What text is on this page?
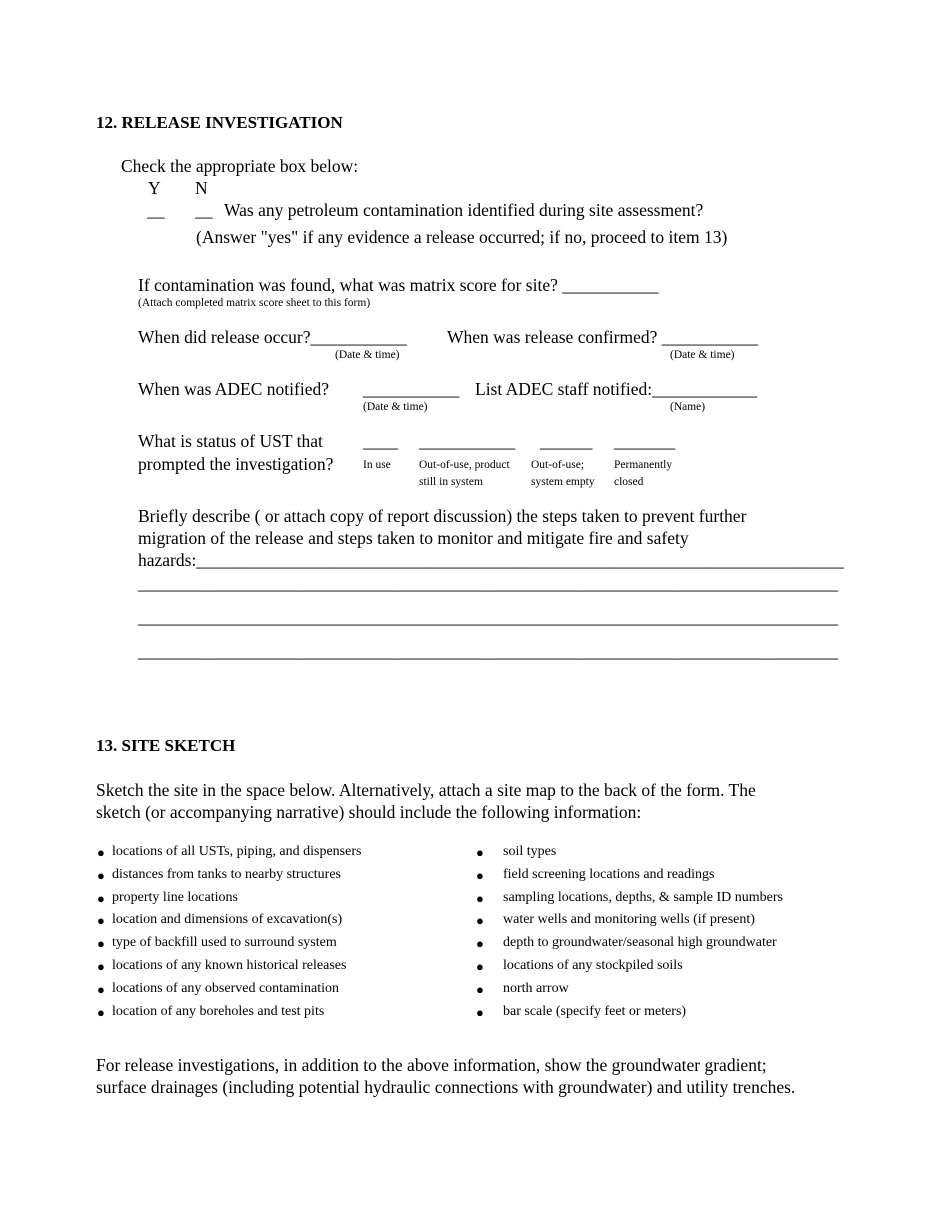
12. RELEASE INVESTIGATION
Check the appropriate box below:
Y N
__ __ Was any petroleum contamination identified during site assessment?
(Answer "yes" if any evidence a release occurred; if no, proceed to item 13)
If contamination was found, what was matrix score for site? ___________
(Attach completed matrix score sheet to this form)
When did release occur?___________
(Date & time)
When was release confirmed? ___________
(Date & time)
When was ADEC notified? ___________
(Date & time)
List ADEC staff notified:____________
(Name)
What is status of UST that
prompted the investigation?
____
In use
___________
Out-of-use, product
still in system
______
Out-of-use;
system empty
_______
Permanently
closed
Briefly describe ( or attach copy of report discussion) the steps taken to prevent further
migration of the release and steps taken to monitor and mitigate fire and safety
hazards:__________________________________________________________________________
________________________________________________________________________________
________________________________________________________________________________
________________________________________________________________________________
13. SITE SKETCH
Sketch the site in the space below. Alternatively, attach a site map to the back of the form. The
sketch (or accompanying narrative) should include the following information:
● locations of all USTs, piping, and dispensers
● distances from tanks to nearby structures
● property line locations
● location and dimensions of excavation(s)
● type of backfill used to surround system
● locations of any known historical releases
● locations of any observed contamination
● location of any boreholes and test pits
● soil types
● field screening locations and readings
● sampling locations, depths, & sample ID numbers
● water wells and monitoring wells (if present)
● depth to groundwater/seasonal high groundwater
● locations of any stockpiled soils
● north arrow
● bar scale (specify feet or meters)
For release investigations, in addition to the above information, show the groundwater gradient;
surface drainages (including potential hydraulic connections with groundwater) and utility trenches.
